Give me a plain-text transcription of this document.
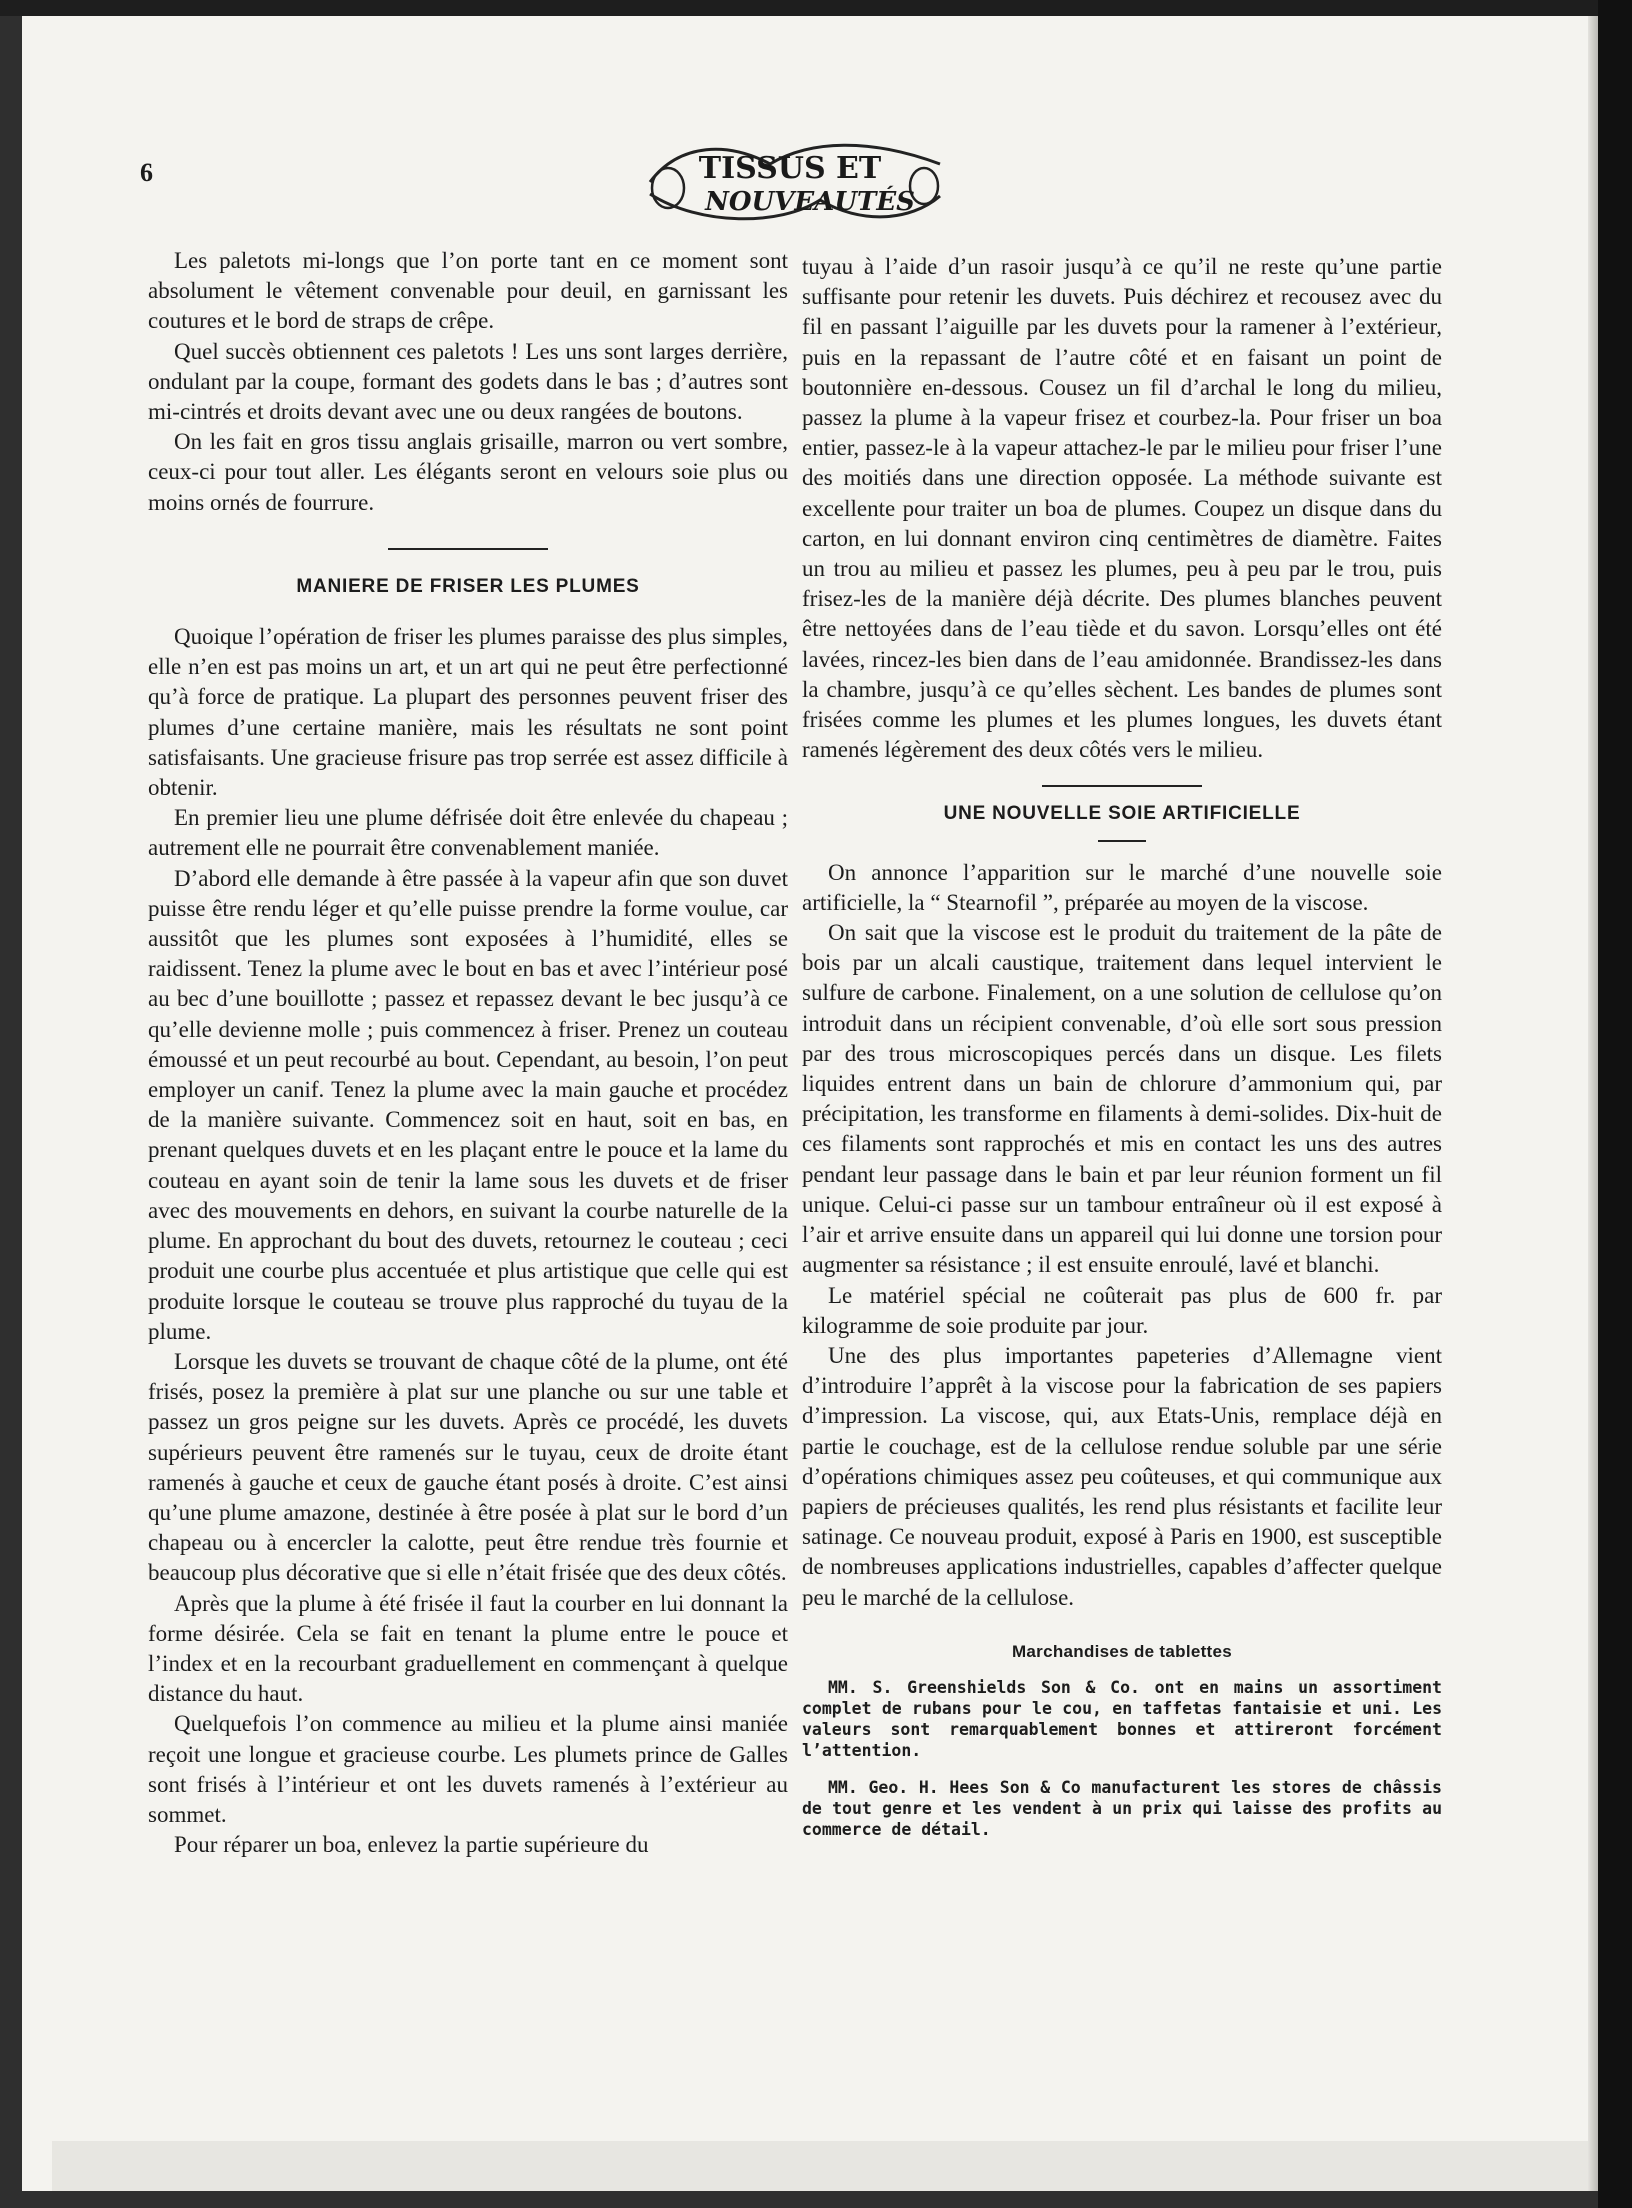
6	TISSUS ET
NOUVEAUTÉS

Les paletots mi-longs que l’on porte tant en ce moment sont absolument le vêtement convenable pour deuil, en garnissant les coutures et le bord de straps de crêpe.

Quel succès obtiennent ces paletots ! Les uns sont larges derrière, ondulant par la coupe, formant des godets dans le bas ; d’autres sont mi-cintrés et droits devant avec une ou deux rangées de boutons.

On les fait en gros tissu anglais grisaille, marron ou vert sombre, ceux-ci pour tout aller. Les élégants seront en velours soie plus ou moins ornés de fourrure.

MANIERE DE FRISER LES PLUMES

Quoique l’opération de friser les plumes paraisse des plus simples, elle n’en est pas moins un art, et un art qui ne peut être perfectionné qu’à force de pratique. La plupart des personnes peuvent friser des plumes d’une certaine manière, mais les résultats ne sont point satisfaisants. Une gracieuse frisure pas trop serrée est assez difficile à obtenir.

En premier lieu une plume défrisée doit être enlevée du chapeau ; autrement elle ne pourrait être convenablement maniée.

D’abord elle demande à être passée à la vapeur afin que son duvet puisse être rendu léger et qu’elle puisse prendre la forme voulue, car aussitôt que les plumes sont exposées à l’humidité, elles se raidissent. Tenez la plume avec le bout en bas et avec l’intérieur posé au bec d’une bouillotte ; passez et repassez devant le bec jusqu’à ce qu’elle devienne molle ; puis commencez à friser. Prenez un couteau émoussé et un peut recourbé au bout. Cependant, au besoin, l’on peut employer un canif. Tenez la plume avec la main gauche et procédez de la manière suivante. Commencez soit en haut, soit en bas, en prenant quelques duvets et en les plaçant entre le pouce et la lame du couteau en ayant soin de tenir la lame sous les duvets et de friser avec des mouvements en dehors, en suivant la courbe naturelle de la plume. En approchant du bout des duvets, retournez le couteau ; ceci produit une courbe plus accentuée et plus artistique que celle qui est produite lorsque le couteau se trouve plus rapproché du tuyau de la plume.

Lorsque les duvets se trouvant de chaque côté de la plume, ont été frisés, posez la première à plat sur une planche ou sur une table et passez un gros peigne sur les duvets. Après ce procédé, les duvets supérieurs peuvent être ramenés sur le tuyau, ceux de droite étant ramenés à gauche et ceux de gauche étant posés à droite. C’est ainsi qu’une plume amazone, destinée à être posée à plat sur le bord d’un chapeau ou à encercler la calotte, peut être rendue très fournie et beaucoup plus décorative que si elle n’était frisée que des deux côtés.

Après que la plume à été frisée il faut la courber en lui donnant la forme désirée. Cela se fait en tenant la plume entre le pouce et l’index et en la recourbant graduellement en commençant à quelque distance du haut.

Quelquefois l’on commence au milieu et la plume ainsi maniée reçoit une longue et gracieuse courbe. Les plumets prince de Galles sont frisés à l’intérieur et ont les duvets ramenés à l’extérieur au sommet.

Pour réparer un boa, enlevez la partie supérieure du

tuyau à l’aide d’un rasoir jusqu’à ce qu’il ne reste qu’une partie suffisante pour retenir les duvets. Puis déchirez et recousez avec du fil en passant l’aiguille par les duvets pour la ramener à l’extérieur, puis en la repassant de l’autre côté et en faisant un point de boutonnière en-dessous. Cousez un fil d’archal le long du milieu, passez la plume à la vapeur frisez et courbez-la. Pour friser un boa entier, passez-le à la vapeur attachez-le par le milieu pour friser l’une des moitiés dans une direction opposée. La méthode suivante est excellente pour traiter un boa de plumes. Coupez un disque dans du carton, en lui donnant environ cinq centimètres de diamètre. Faites un trou au milieu et passez les plumes, peu à peu par le trou, puis frisez-les de la manière déjà décrite. Des plumes blanches peuvent être nettoyées dans de l’eau tiède et du savon. Lorsqu’elles ont été lavées, rincez-les bien dans de l’eau amidonnée. Brandissez-les dans la chambre, jusqu’à ce qu’elles sèchent. Les bandes de plumes sont frisées comme les plumes et les plumes longues, les duvets étant ramenés légèrement des deux côtés vers le milieu.

UNE NOUVELLE SOIE ARTIFICIELLE

On annonce l’apparition sur le marché d’une nouvelle soie artificielle, la “ Stearnofil ”, préparée au moyen de la viscose.

On sait que la viscose est le produit du traitement de la pâte de bois par un alcali caustique, traitement dans lequel intervient le sulfure de carbone. Finalement, on a une solution de cellulose qu’on introduit dans un récipient convenable, d’où elle sort sous pression par des trous microscopiques percés dans un disque. Les filets liquides entrent dans un bain de chlorure d’ammonium qui, par précipitation, les transforme en filaments à demi-solides. Dix-huit de ces filaments sont rapprochés et mis en contact les uns des autres pendant leur passage dans le bain et par leur réunion forment un fil unique. Celui-ci passe sur un tambour entraîneur où il est exposé à l’air et arrive ensuite dans un appareil qui lui donne une torsion pour augmenter sa résistance ; il est ensuite enroulé, lavé et blanchi.

Le matériel spécial ne coûterait pas plus de 600 fr. par kilogramme de soie produite par jour.

Une des plus importantes papeteries d’Allemagne vient d’introduire l’apprêt à la viscose pour la fabrication de ses papiers d’impression. La viscose, qui, aux Etats-Unis, remplace déjà en partie le couchage, est de la cellulose rendue soluble par une série d’opérations chimiques assez peu coûteuses, et qui communique aux papiers de précieuses qualités, les rend plus résistants et facilite leur satinage. Ce nouveau produit, exposé à Paris en 1900, est susceptible de nombreuses applications industrielles, capables d’affecter quelque peu le marché de la cellulose.

Marchandises de tablettes

MM. S. Greenshields Son & Co. ont en mains un assortiment complet de rubans pour le cou, en taffetas fantaisie et uni. Les valeurs sont remarquablement bonnes et attireront forcément l’attention.

MM. Geo. H. Hees Son & Co manufacturent les stores de châssis de tout genre et les vendent à un prix qui laisse des profits au commerce de détail.
